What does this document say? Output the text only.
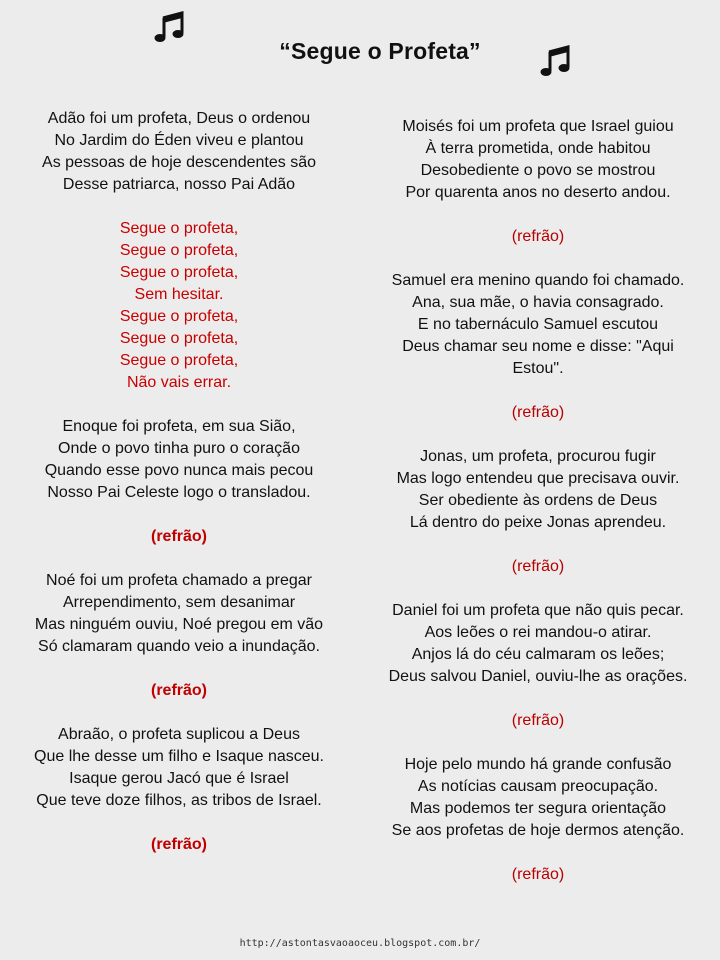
“Segue o Profeta”
Adão foi um profeta, Deus o ordenou
No Jardim do Éden viveu e plantou
As pessoas de hoje descendentes são
Desse patriarca, nosso Pai Adão
Segue o profeta,
Segue o profeta,
Segue o profeta,
Sem hesitar.
Segue o profeta,
Segue o profeta,
Segue o profeta,
Não vais errar.
Enoque foi profeta, em sua Sião,
Onde o povo tinha puro o coração
Quando esse povo nunca mais pecou
Nosso Pai Celeste logo o transladou.
(refrão)
Noé foi um profeta chamado a pregar
Arrependimento, sem desanimar
Mas ninguém ouviu, Noé pregou em vão
Só clamaram quando veio a inundação.
(refrão)
Abraão, o profeta suplicou a Deus
Que lhe desse um filho e Isaque nasceu.
Isaque gerou Jacó que é Israel
Que teve doze filhos, as tribos de Israel.
(refrão)
Moisés foi um profeta que Israel guiou
À terra prometida, onde habitou
Desobediente o povo se mostrou
Por quarenta anos no deserto andou.
(refrão)
Samuel era menino quando foi chamado.
Ana, sua mãe, o havia consagrado.
E no tabernáculo Samuel escutou
Deus chamar seu nome e disse: "Aqui
Estou".
(refrão)
Jonas, um profeta, procurou fugir
Mas logo entendeu que precisava ouvir.
Ser obediente às ordens de Deus
Lá dentro do peixe Jonas aprendeu.
(refrão)
Daniel foi um profeta que não quis pecar.
Aos leões o rei mandou-o atirar.
Anjos lá do céu calmaram os leões;
Deus salvou Daniel, ouviu-lhe as orações.
(refrão)
Hoje pelo mundo há grande confusão
As notícias causam preocupação.
Mas podemos ter segura orientação
Se aos profetas de hoje dermos atenção.
(refrão)
http://astontasvaoaoceu.blogspot.com.br/
